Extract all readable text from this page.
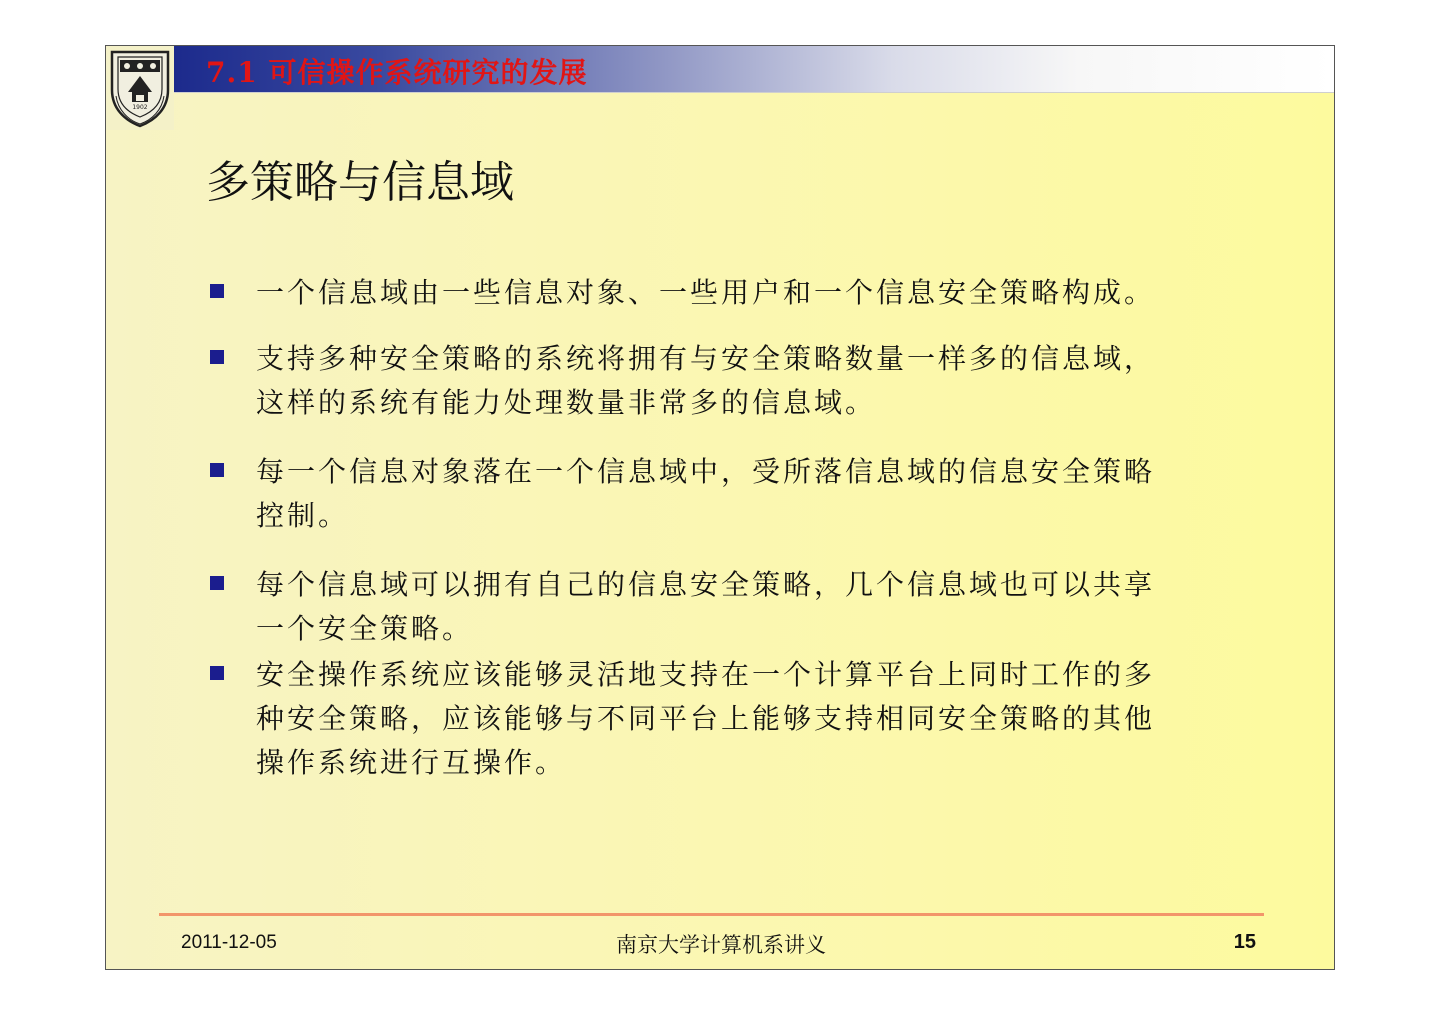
1902
7.1 可信操作系统研究的发展
多策略与信息域
一个信息域由一些信息对象、一些用户和一个信息安全策略构成。
支持多种安全策略的系统将拥有与安全策略数量一样多的信息域，
这样的系统有能力处理数量非常多的信息域。
每一个信息对象落在一个信息域中，受所落信息域的信息安全策略
控制。
每个信息域可以拥有自己的信息安全策略，几个信息域也可以共享
一个安全策略。
安全操作系统应该能够灵活地支持在一个计算平台上同时工作的多
种安全策略，应该能够与不同平台上能够支持相同安全策略的其他
操作系统进行互操作。
2011-12-05	南京大学计算机系讲义	15
